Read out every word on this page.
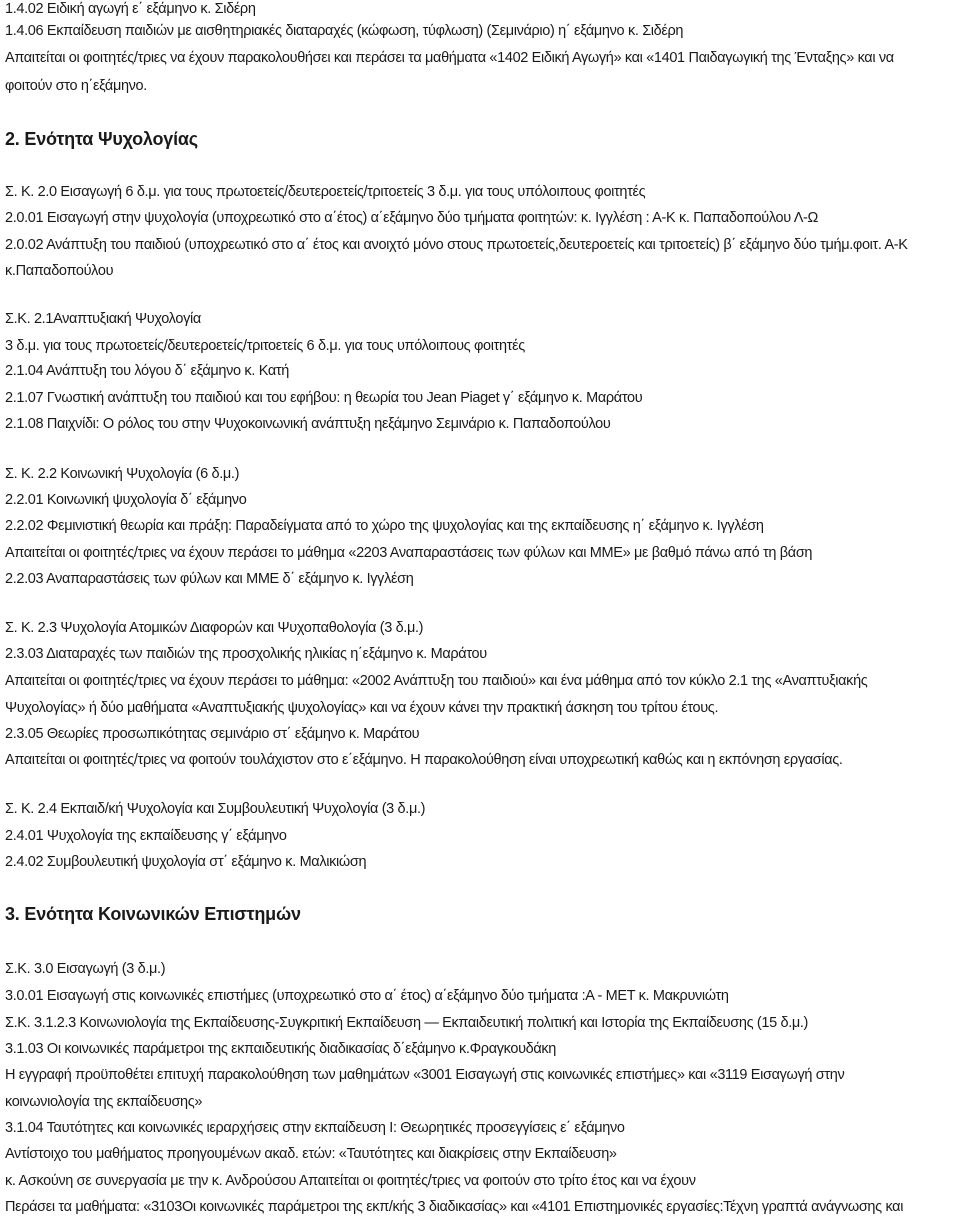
1.4.02 Ειδική αγωγή ε΄ εξάμηνο κ. Σιδέρη
1.4.06 Εκπαίδευση παιδιών με αισθητηριακές διαταραχές (κώφωση, τύφλωση) (Σεμινάριο) η΄ εξάμηνο κ. Σιδέρη
Απαιτείται οι φοιτητές/τριες να έχουν παρακολουθήσει και περάσει τα μαθήματα «1402 Ειδική Αγωγή» και «1401 Παιδαγωγική της Ένταξης» και να
φοιτούν στο η΄εξάμηνο.
2. Ενότητα Ψυχολογίας
Σ. Κ. 2.0 Εισαγωγή 6 δ.μ. για τους πρωτοετείς/δευτεροετείς/τριτοετείς 3 δ.μ. για τους υπόλοιπους φοιτητές
2.0.01 Εισαγωγή στην ψυχολογία (υποχρεωτικό στο α΄έτος) α΄εξάμηνο δύο τμήματα φοιτητών: κ. Ιγγλέση : Α-Κ κ. Παπαδοπούλου Λ-Ω
2.0.02 Ανάπτυξη του παιδιού (υποχρεωτικό στο α΄ έτος και ανοιχτό μόνο στους πρωτοετείς,δευτεροετείς και τριτοετείς) β΄ εξάμηνο δύο τμήμ.φοιτ. Α-Κ
κ.Παπαδοπούλου
Σ.Κ. 2.1Αναπτυξιακή Ψυχολογία
3 δ.μ. για τους πρωτοετείς/δευτεροετείς/τριτοετείς 6 δ.μ. για τους υπόλοιπους φοιτητές
2.1.04 Ανάπτυξη του λόγου δ΄ εξάμηνο κ. Κατή
2.1.07 Γνωστική ανάπτυξη του παιδιού και του εφήβου: η θεωρία του Jean Piaget γ΄ εξάμηνο κ. Μαράτου
2.1.08 Παιχνίδι: Ο ρόλος του στην Ψυχοκοινωνική ανάπτυξη ηεξάμηνο Σεμινάριο κ. Παπαδοπούλου
Σ. Κ. 2.2 Κοινωνική Ψυχολογία (6 δ.μ.)
2.2.01 Κοινωνική ψυχολογία δ΄ εξάμηνο
2.2.02 Φεμινιστική θεωρία και πράξη: Παραδείγματα από το χώρο της ψυχολογίας και της εκπαίδευσης η΄ εξάμηνο κ. Ιγγλέση
Απαιτείται οι φοιτητές/τριες να έχουν περάσει το μάθημα «2203 Αναπαραστάσεις των φύλων και ΜΜΕ» με βαθμό πάνω από τη βάση
2.2.03 Αναπαραστάσεις των φύλων και ΜΜΕ δ΄ εξάμηνο κ. Ιγγλέση
Σ. Κ. 2.3 Ψυχολογία Ατομικών Διαφορών και Ψυχοπαθολογία (3 δ.μ.)
2.3.03 Διαταραχές των παιδιών της προσχολικής ηλικίας η΄εξάμηνο κ. Μαράτου
Απαιτείται οι φοιτητές/τριες να έχουν περάσει το μάθημα: «2002 Ανάπτυξη του παιδιού» και ένα μάθημα από τον κύκλο 2.1 της «Αναπτυξιακής
Ψυχολογίας» ή δύο μαθήματα «Αναπτυξιακής ψυχολογίας» και να έχουν κάνει την πρακτική άσκηση του τρίτου έτους.
2.3.05 Θεωρίες προσωπικότητας σεμινάριο στ΄ εξάμηνο κ. Μαράτου
Απαιτείται οι φοιτητές/τριες να φοιτούν τουλάχιστον στο ε΄εξάμηνο. Η παρακολούθηση είναι υποχρεωτική καθώς και η εκπόνηση εργασίας.
Σ. Κ. 2.4 Εκπαιδ/κή Ψυχολογία και Συμβουλευτική Ψυχολογία (3 δ.μ.)
2.4.01 Ψυχολογία της εκπαίδευσης γ΄ εξάμηνο
2.4.02 Συμβουλευτική ψυχολογία στ΄ εξάμηνο κ. Μαλικιώση
3. Ενότητα Κοινωνικών Επιστημών
Σ.Κ. 3.0 Εισαγωγή (3 δ.μ.)
3.0.01 Εισαγωγή στις κοινωνικές επιστήμες (υποχρεωτικό στο α΄ έτος) α΄εξάμηνο δύο τμήματα :Α - ΜΕΤ κ. Μακρυνιώτη
Σ.Κ. 3.1.2.3 Κοινωνιολογία της Εκπαίδευσης-Συγκριτική Εκπαίδευση — Εκπαιδευτική πολιτική και Ιστορία της Εκπαίδευσης (15 δ.μ.)
3.1.03 Οι κοινωνικές παράμετροι της εκπαιδευτικής διαδικασίας δ΄εξάμηνο κ.Φραγκουδάκη
Η εγγραφή προϋποθέτει επιτυχή παρακολούθηση των μαθημάτων «3001 Εισαγωγή στις κοινωνικές επιστήμες» και «3119 Εισαγωγή στην
κοινωνιολογία της εκπαίδευσης»
3.1.04 Ταυτότητες και κοινωνικές ιεραρχήσεις στην εκπαίδευση Ι: Θεωρητικές προσεγγίσεις ε΄ εξάμηνο
Αντίστοιχο του μαθήματος προηγουμένων ακαδ. ετών: «Ταυτότητες και διακρίσεις στην Εκπαίδευση»
κ. Ασκούνη σε συνεργασία με την κ. Ανδρούσου Απαιτείται οι φοιτητές/τριες να φοιτούν στο τρίτο έτος και να έχουν
Περάσει τα μαθήματα: «3103Οι κοινωνικές παράμετροι της εκπ/κής 3 διαδικασίας» και «4101 Επιστημονικές εργασίες:Τέχνη γραπτά ανάγνωσης και
